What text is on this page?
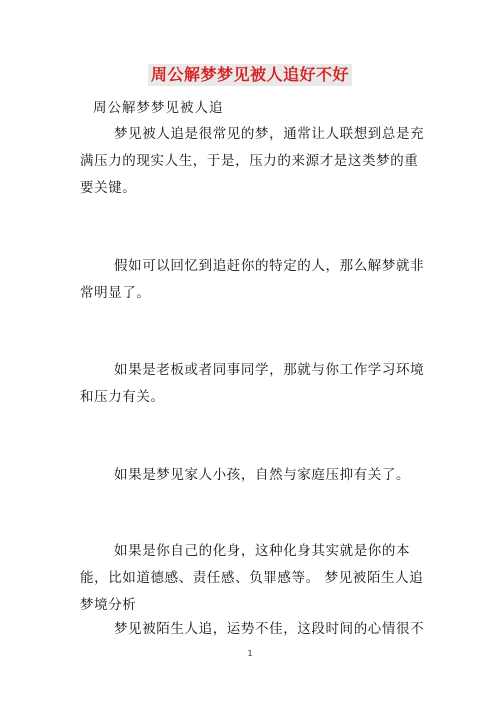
周公解梦梦见被人追好不好
周公解梦梦见被人追

梦见被人追是很常见的梦，通常让人联想到总是充满压力的现实人生，于是，压力的来源才是这类梦的重要关键。

假如可以回忆到追赶你的特定的人，那么解梦就非常明显了。

如果是老板或者同事同学，那就与你工作学习环境和压力有关。

如果是梦见家人小孩，自然与家庭压抑有关了。

如果是你自己的化身，这种化身其实就是你的本能，比如道德感、责任感、负罪感等。 梦见被陌生人追梦境分析

梦见被陌生人追，运势不佳，这段时间的心情很不

1
